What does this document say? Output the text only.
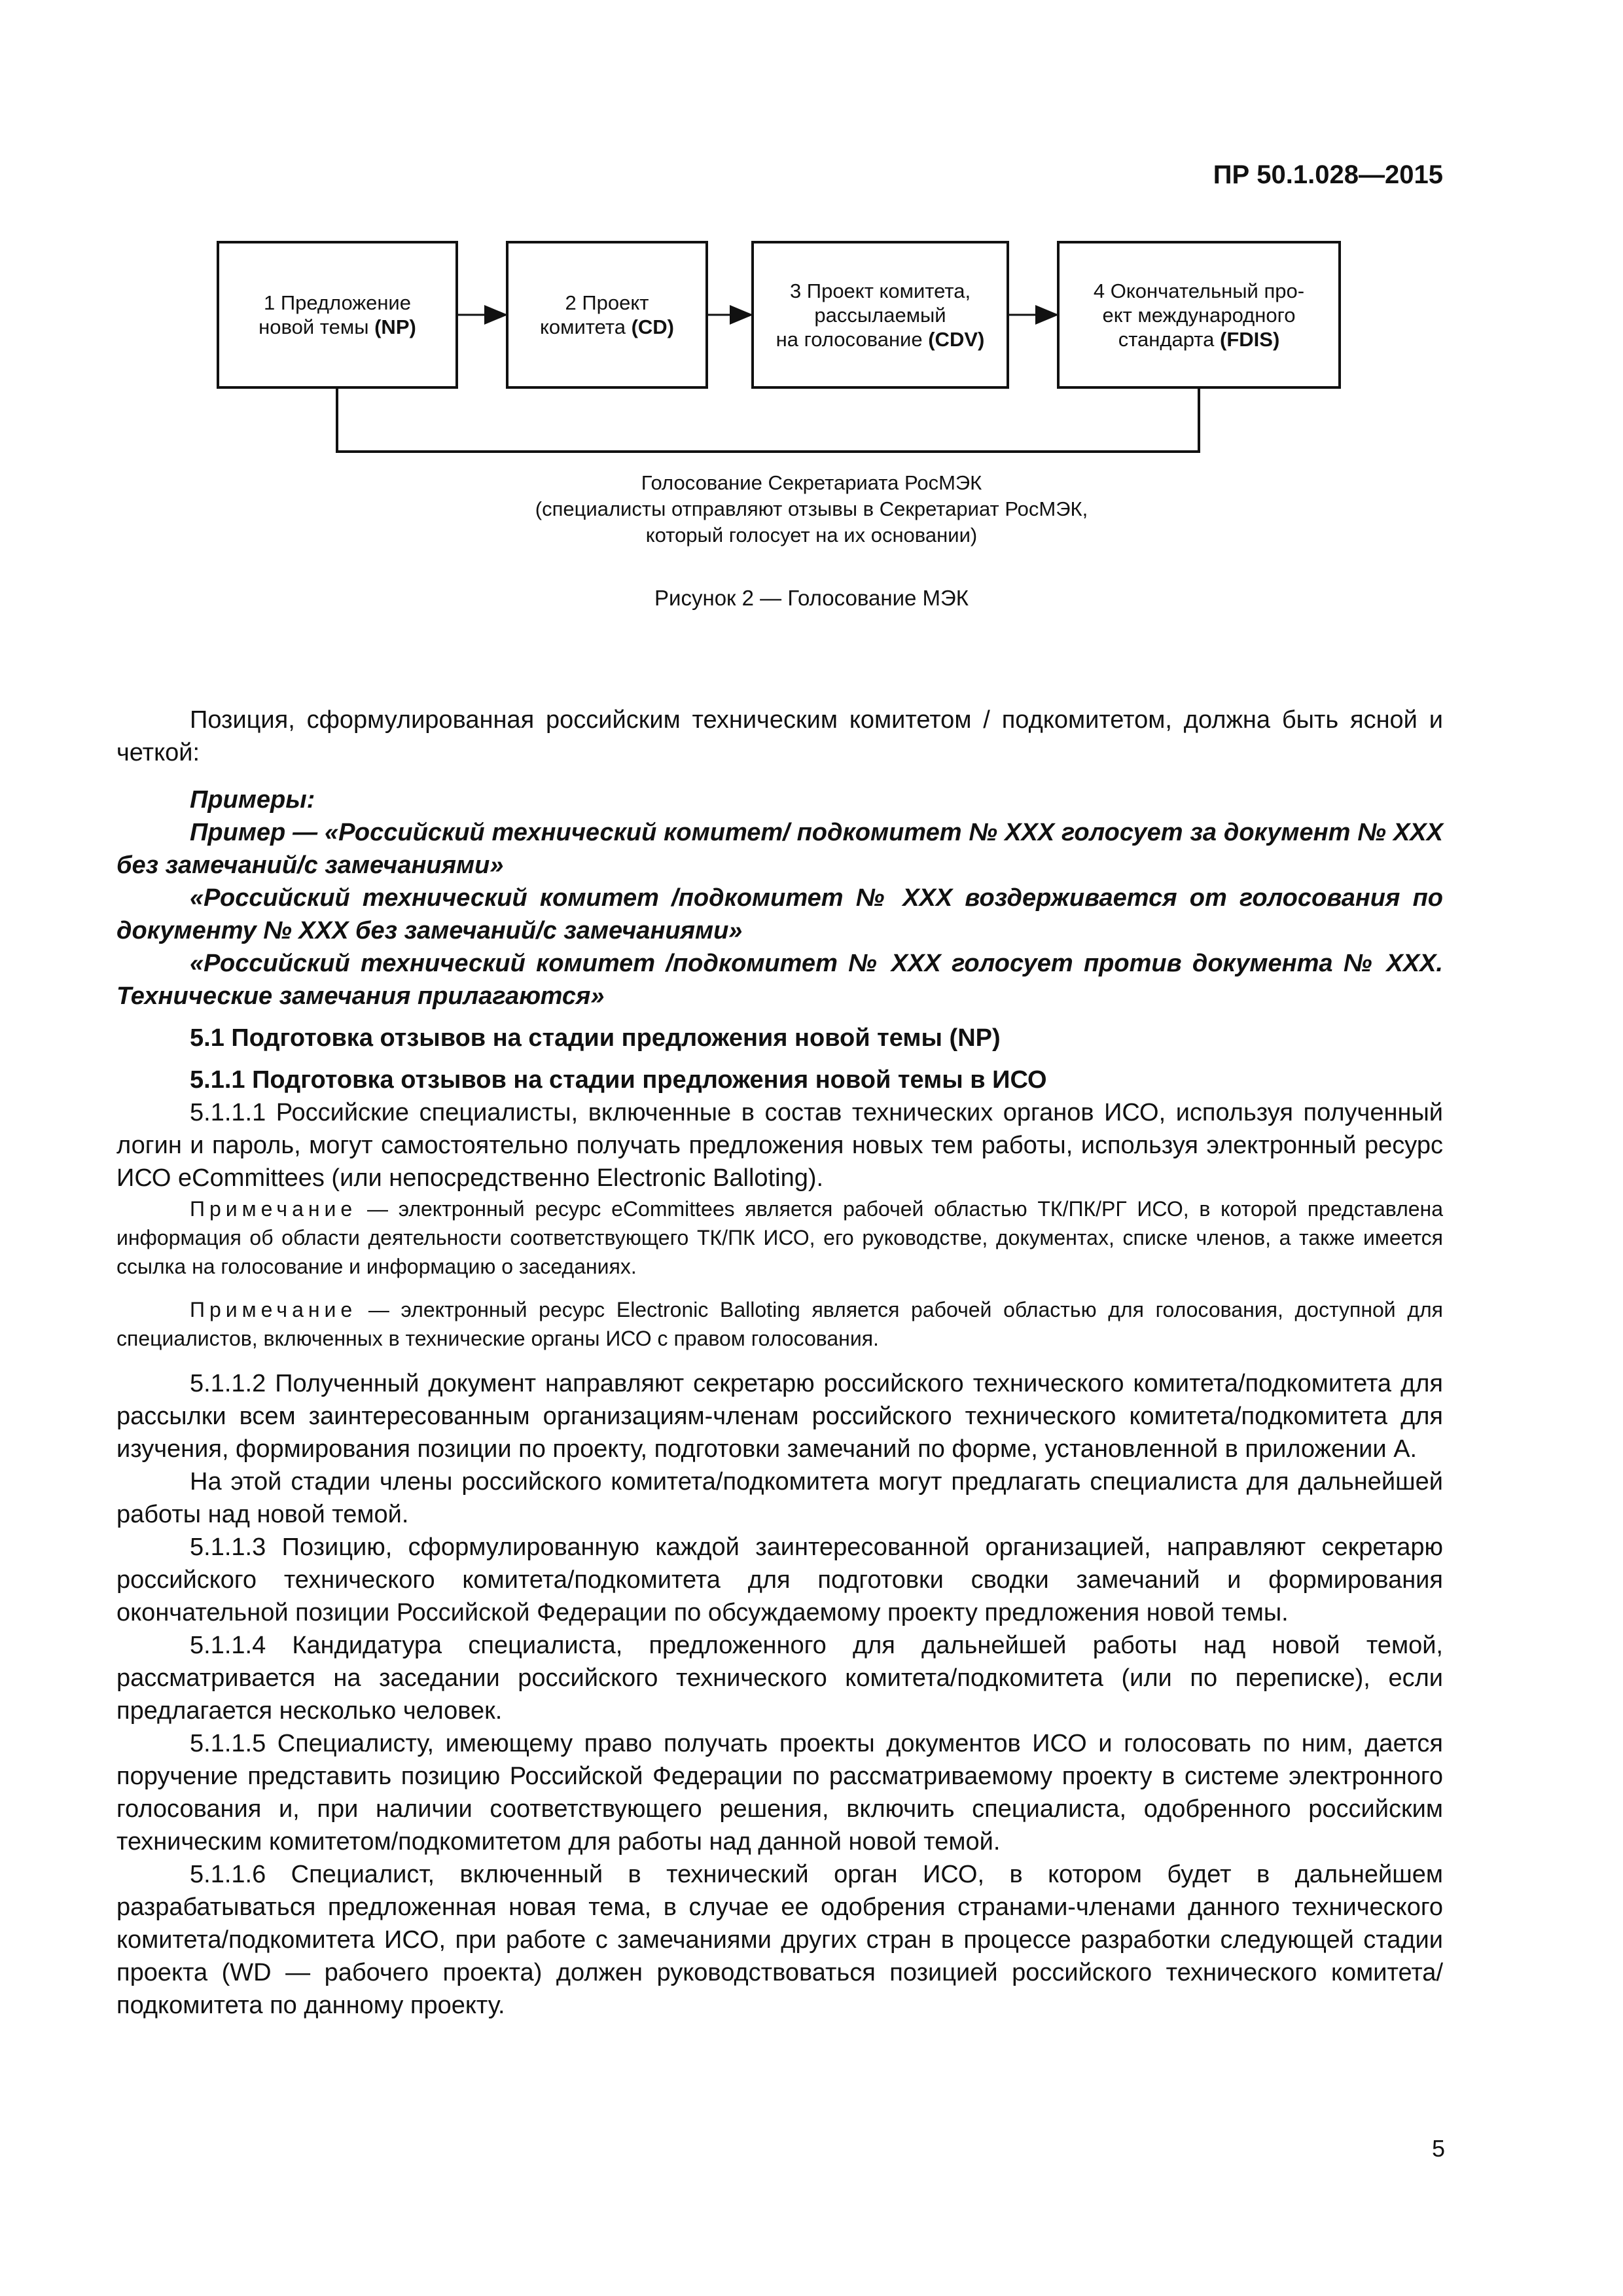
ПР 50.1.028—2015
1 Предложение
новой темы (NP)
2 Проект
комитета (CD)
3 Проект комитета,
рассылаемый
на голосование (CDV)
4 Окончательный про-
ект международного
стандарта (FDIS)
Голосование Секретариата РосМЭК
(специалисты отправляют отзывы в Секретариат РосМЭК,
который голосует на их основании)
Рисунок 2 — Голосование МЭК

Позиция, сформулированная российским техническим комитетом / подкомитетом, должна быть ясной и четкой:

Примеры:

Пример — «Российский технический комитет/ подкомитет № XXX голосует за документ № XXX без замечаний/с замечаниями»

«Российский технический комитет /подкомитет № XXX воздерживается от голосования по документу № XXX без замечаний/с замечаниями»

«Российский технический комитет /подкомитет № XXX голосует против документа № XXX. Технические замечания прилагаются»

5.1 Подготовка отзывов на стадии предложения новой темы (NP)

5.1.1 Подготовка отзывов на стадии предложения новой темы в ИСО

5.1.1.1 Российские специалисты, включенные в состав технических органов ИСО, используя полученный логин и пароль, могут самостоятельно получать предложения новых тем работы, используя электронный ресурс ИСО eCommittees (или непосредственно Electronic Balloting).

Примечание — электронный ресурс eCommittees является рабочей областью ТК/ПК/РГ ИСО, в которой представлена информация об области деятельности соответствующего ТК/ПК ИСО, его руководстве, документах, списке членов, а также имеется ссылка на голосование и информацию о заседаниях.

Примечание — электронный ресурс Electronic Balloting является рабочей областью для голосования, доступной для специалистов, включенных в технические органы ИСО с правом голосования.

5.1.1.2 Полученный документ направляют секретарю российского технического комитета/подкомитета для рассылки всем заинтересованным организациям-членам российского технического комитета/подкомитета для изучения, формирования позиции по проекту, подготовки замечаний по форме, установленной в приложении А.

На этой стадии члены российского комитета/подкомитета могут предлагать специалиста для дальнейшей работы над новой темой.

5.1.1.3 Позицию, сформулированную каждой заинтересованной организацией, направляют секретарю российского технического комитета/подкомитета для подготовки сводки замечаний и формирования окончательной позиции Российской Федерации по обсуждаемому проекту предложения новой темы.

5.1.1.4 Кандидатура специалиста, предложенного для дальнейшей работы над новой темой, рассматривается на заседании российского технического комитета/подкомитета (или по переписке), если предлагается несколько человек.

5.1.1.5 Специалисту, имеющему право получать проекты документов ИСО и голосовать по ним, дается поручение представить позицию Российской Федерации по рассматриваемому проекту в системе электронного голосования и, при наличии соответствующего решения, включить специалиста, одобренного российским техническим комитетом/подкомитетом для работы над данной новой темой.

5.1.1.6 Специалист, включенный в технический орган ИСО, в котором будет в дальнейшем разрабатываться предложенная новая тема, в случае ее одобрения странами-членами данного технического комитета/подкомитета ИСО, при работе с замечаниями других стран в процессе разработки следующей стадии проекта (WD — рабочего проекта) должен руководствоваться позицией российского технического комитета/подкомитета по данному проекту.

5
